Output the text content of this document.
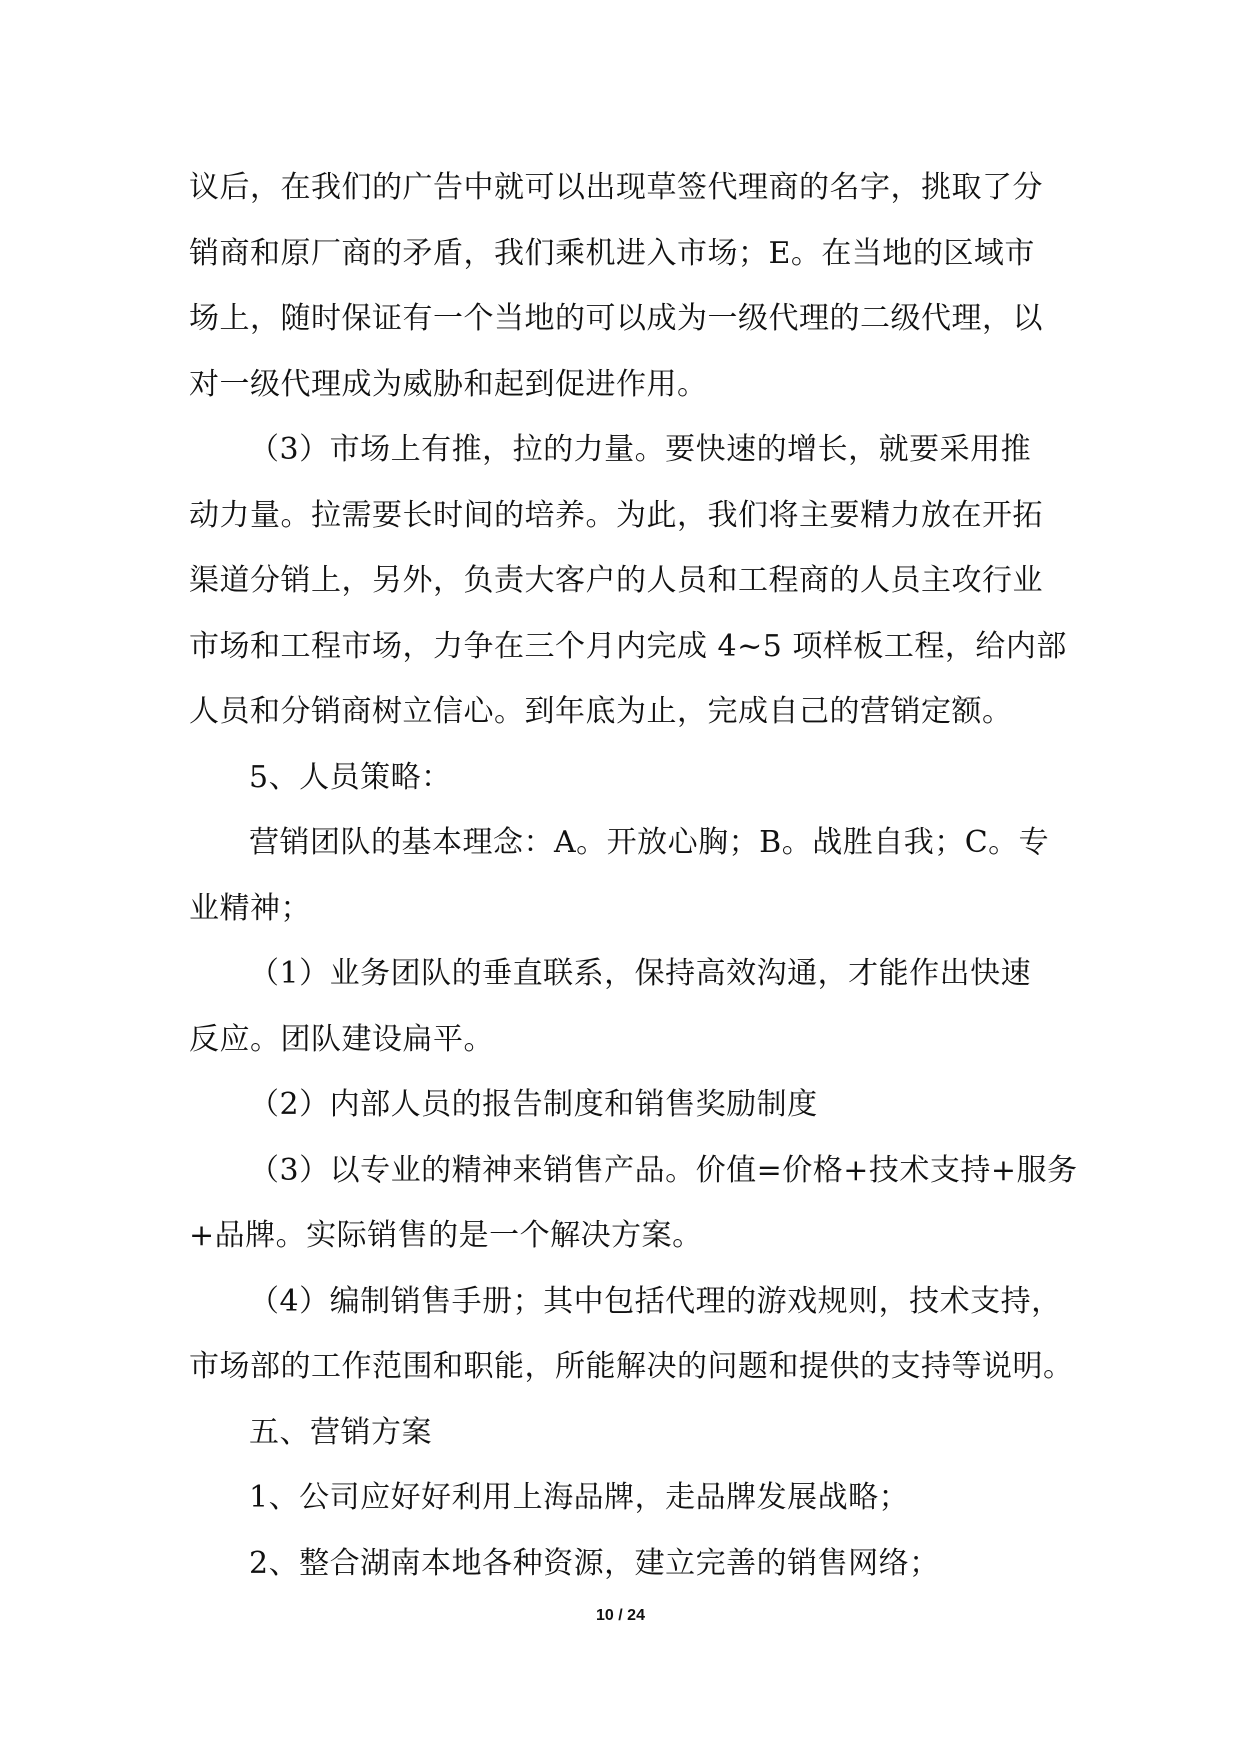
议后，在我们的广告中就可以出现草签代理商的名字，挑取了分
销商和原厂商的矛盾，我们乘机进入市场；E。在当地的区域市
场上，随时保证有一个当地的可以成为一级代理的二级代理，以
对一级代理成为威胁和起到促进作用。
（3）市场上有推，拉的力量。要快速的增长，就要采用推
动力量。拉需要长时间的培养。为此，我们将主要精力放在开拓
渠道分销上，另外，负责大客户的人员和工程商的人员主攻行业
市场和工程市场，力争在三个月内完成 4~5 项样板工程，给内部
人员和分销商树立信心。到年底为止，完成自己的营销定额。
5、人员策略：
营销团队的基本理念：A。开放心胸；B。战胜自我；C。专
业精神；
（1）业务团队的垂直联系，保持高效沟通，才能作出快速
反应。团队建设扁平。
（2）内部人员的报告制度和销售奖励制度
（3）以专业的精神来销售产品。价值=价格+技术支持+服务
+品牌。实际销售的是一个解决方案。
（4）编制销售手册；其中包括代理的游戏规则，技术支持，
市场部的工作范围和职能，所能解决的问题和提供的支持等说明。
五、营销方案
1、公司应好好利用上海品牌，走品牌发展战略；
2、整合湖南本地各种资源，建立完善的销售网络；
10 / 24
